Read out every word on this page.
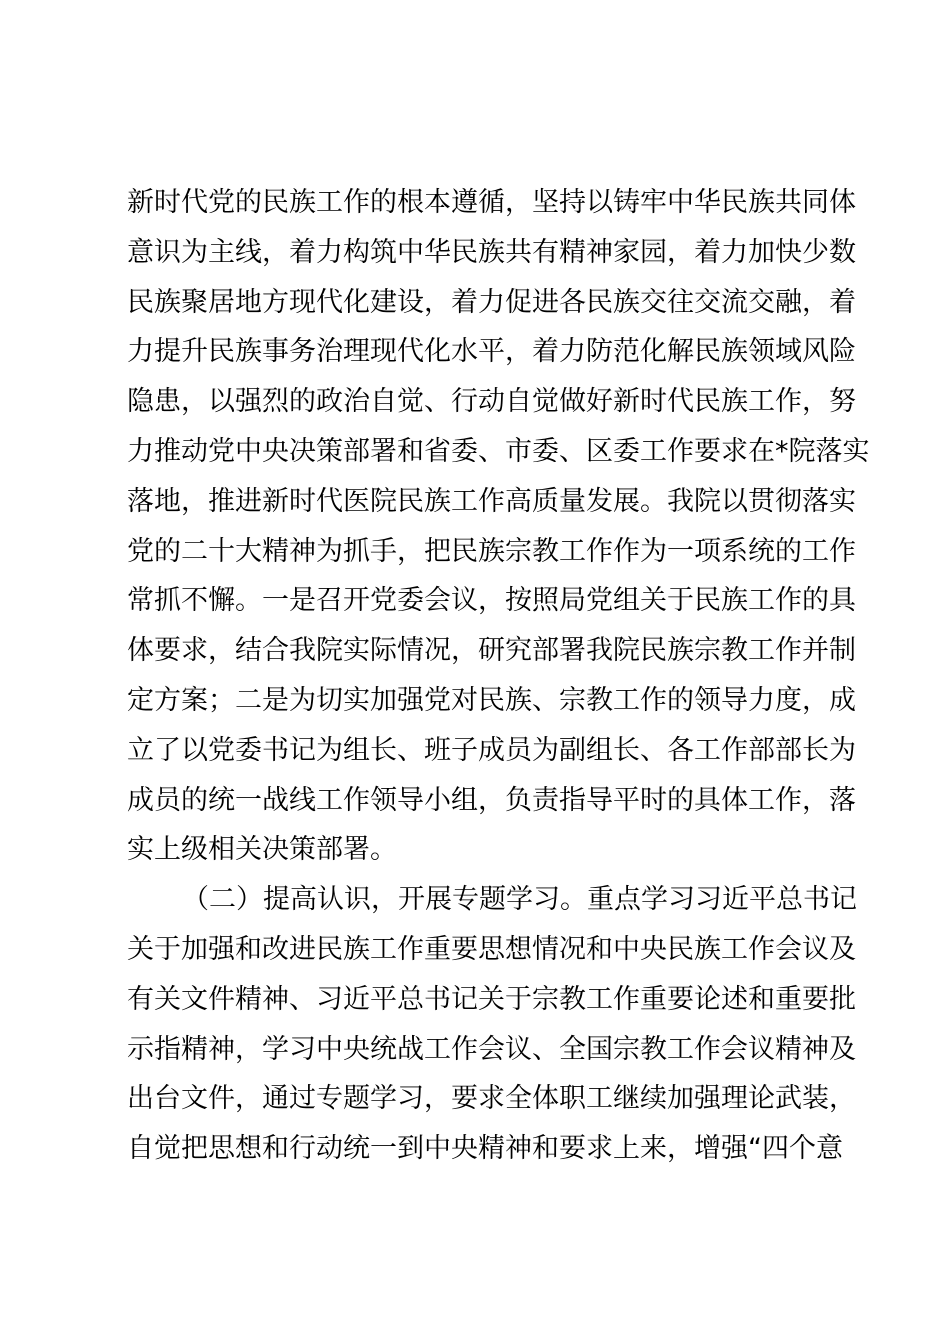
新时代党的民族工作的根本遵循，坚持以铸牢中华民族共同体
意识为主线，着力构筑中华民族共有精神家园，着力加快少数
民族聚居地方现代化建设，着力促进各民族交往交流交融，着
力提升民族事务治理现代化水平，着力防范化解民族领域风险
隐患，以强烈的政治自觉、行动自觉做好新时代民族工作，努
力推动党中央决策部署和省委、市委、区委工作要求在*院落实
落地，推进新时代医院民族工作高质量发展。我院以贯彻落实
党的二十大精神为抓手，把民族宗教工作作为一项系统的工作
常抓不懈。一是召开党委会议，按照局党组关于民族工作的具
体要求，结合我院实际情况，研究部署我院民族宗教工作并制
定方案；二是为切实加强党对民族、宗教工作的领导力度，成
立了以党委书记为组长、班子成员为副组长、各工作部部长为
成员的统一战线工作领导小组，负责指导平时的具体工作，落
实上级相关决策部署。
（二）提高认识，开展专题学习。重点学习习近平总书记
关于加强和改进民族工作重要思想情况和中央民族工作会议及
有关文件精神、习近平总书记关于宗教工作重要论述和重要批
示指精神，学习中央统战工作会议、全国宗教工作会议精神及
出台文件，通过专题学习，要求全体职工继续加强理论武装，
自觉把思想和行动统一到中央精神和要求上来，增强“四个意
